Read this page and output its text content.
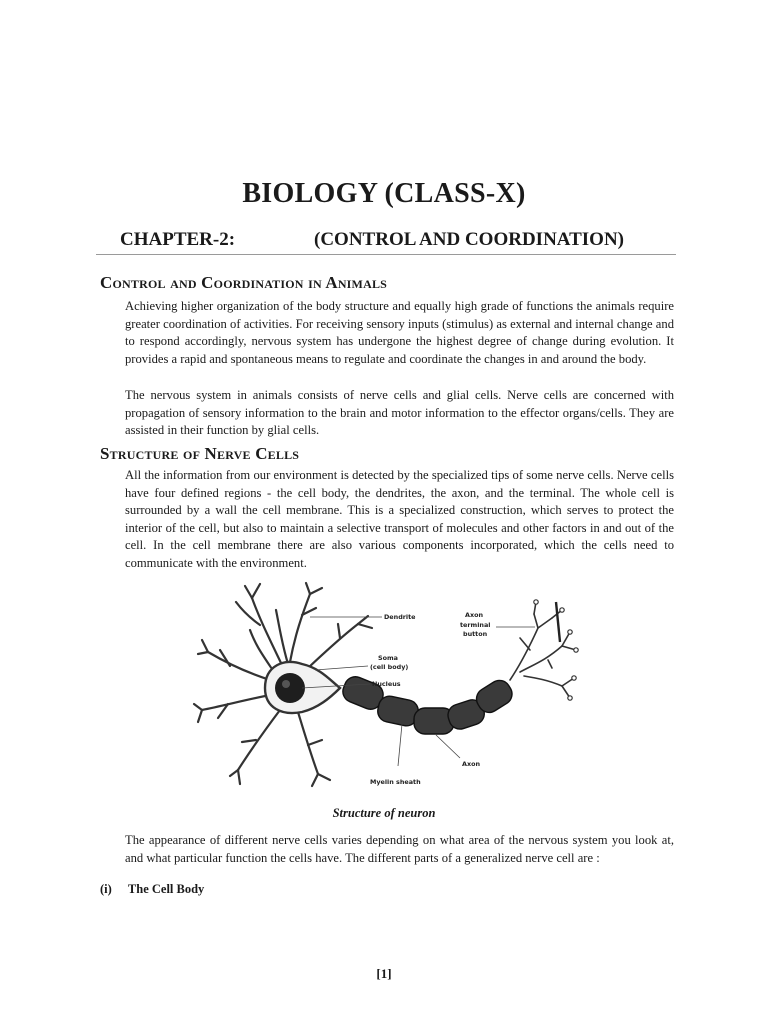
BIOLOGY (CLASS-X)
CHAPTER-2:	(CONTROL AND COORDINATION)
Control and Coordination in Animals

Achieving higher organization of the body structure and equally high grade of functions the animals require greater coordination of activities. For receiving sensory inputs (stimulus) as external and internal change and to respond accordingly, nervous system has undergone the highest degree of change during evolution. It provides a rapid and spontaneous means to regulate and coordinate the changes in and around the body.

The nervous system in animals consists of nerve cells and glial cells. Nerve cells are concerned with propagation of sensory information to the brain and motor information to the effector organs/cells. They are assisted in their function by glial cells.

Structure of Nerve Cells

All the information from our environment is detected by the specialized tips of some nerve cells. Nerve cells have four defined regions - the cell body, the dendrites, the axon, and the terminal. The whole cell is surrounded by a wall the cell membrane. This is a specialized construction, which serves to protect the interior of the cell, but also to maintain a selective transport of molecules and other factors in and out of the cell. In the cell membrane there are also various components incorporated, which the cells need to communicate with the environment.

Dendrite	Axon
terminal
button
Soma
(cell body)
Nucleus
Axon
Myelin sheath
Structure of neuron

The appearance of different nerve cells varies depending on what area of the nervous system you look at, and what particular function the cells have. The different parts of a generalized nerve cell are :

(i) The Cell Body
[1]
